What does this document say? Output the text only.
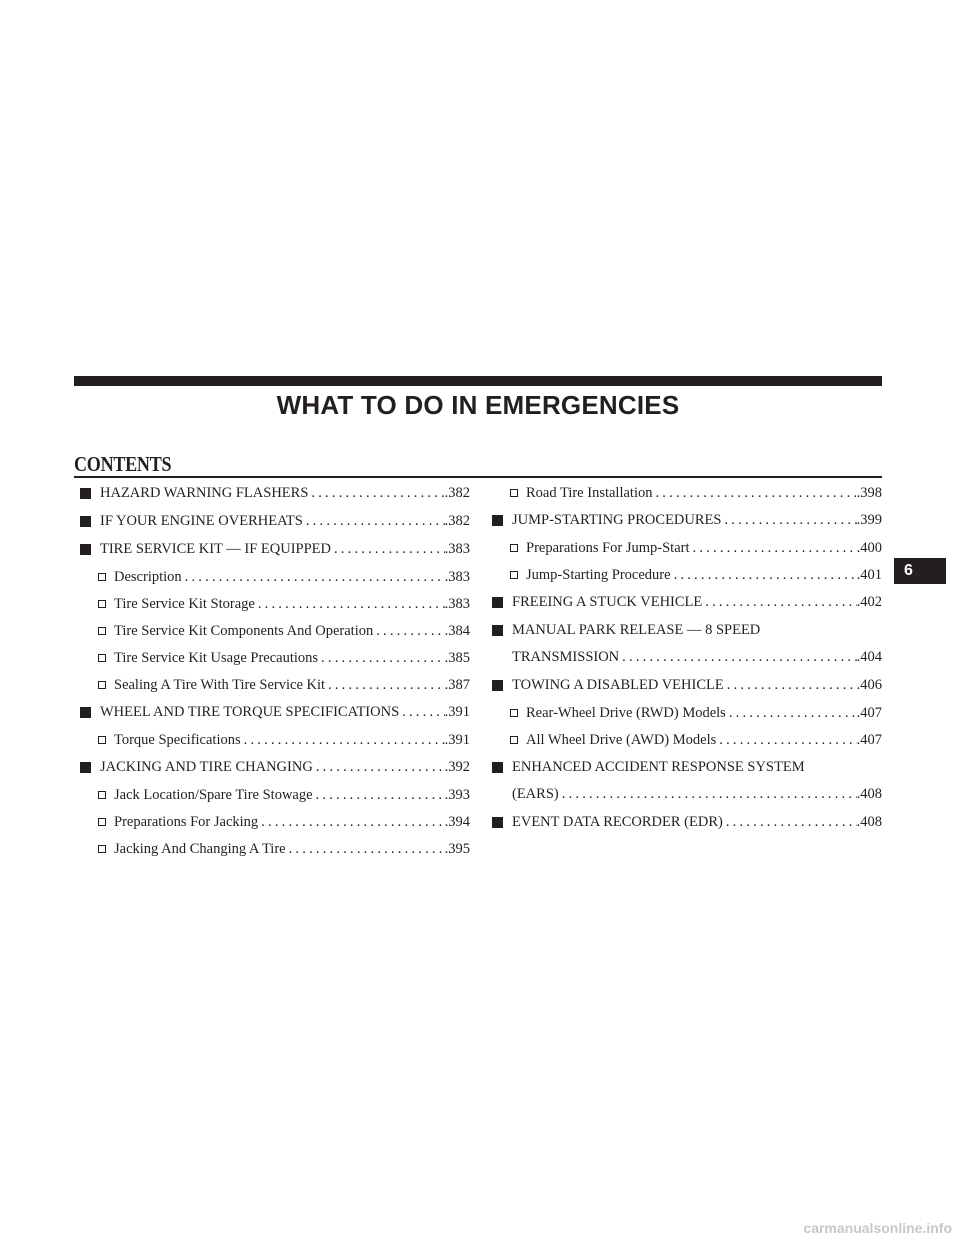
WHAT TO DO IN EMERGENCIES
CONTENTS
HAZARD WARNING FLASHERS .....	.382
IF YOUR ENGINE OVERHEATS .....	.382
TIRE SERVICE KIT — IF EQUIPPED .....	.383
Description .....	.383
Tire Service Kit Storage .....	.383
Tire Service Kit Components And Operation .....	.384
Tire Service Kit Usage Precautions .....	.385
Sealing A Tire With Tire Service Kit .....	.387
WHEEL AND TIRE TORQUE SPECIFICATIONS .....	.391
Torque Specifications .....	.391
JACKING AND TIRE CHANGING .....	.392
Jack Location/Spare Tire Stowage .....	.393
Preparations For Jacking .....	.394
Jacking And Changing A Tire .....	.395
Road Tire Installation .....	.398
JUMP-STARTING PROCEDURES .....	.399
Preparations For Jump-Start .....	.400
Jump-Starting Procedure .....	.401
FREEING A STUCK VEHICLE .....	.402
MANUAL PARK RELEASE — 8 SPEED
TRANSMISSION .....	.404
TOWING A DISABLED VEHICLE .....	.406
Rear-Wheel Drive (RWD) Models .....	.407
All Wheel Drive (AWD) Models .....	.407
ENHANCED ACCIDENT RESPONSE SYSTEM
(EARS) .....	.408
EVENT DATA RECORDER (EDR) .....	.408
6
carmanualsonline.info
